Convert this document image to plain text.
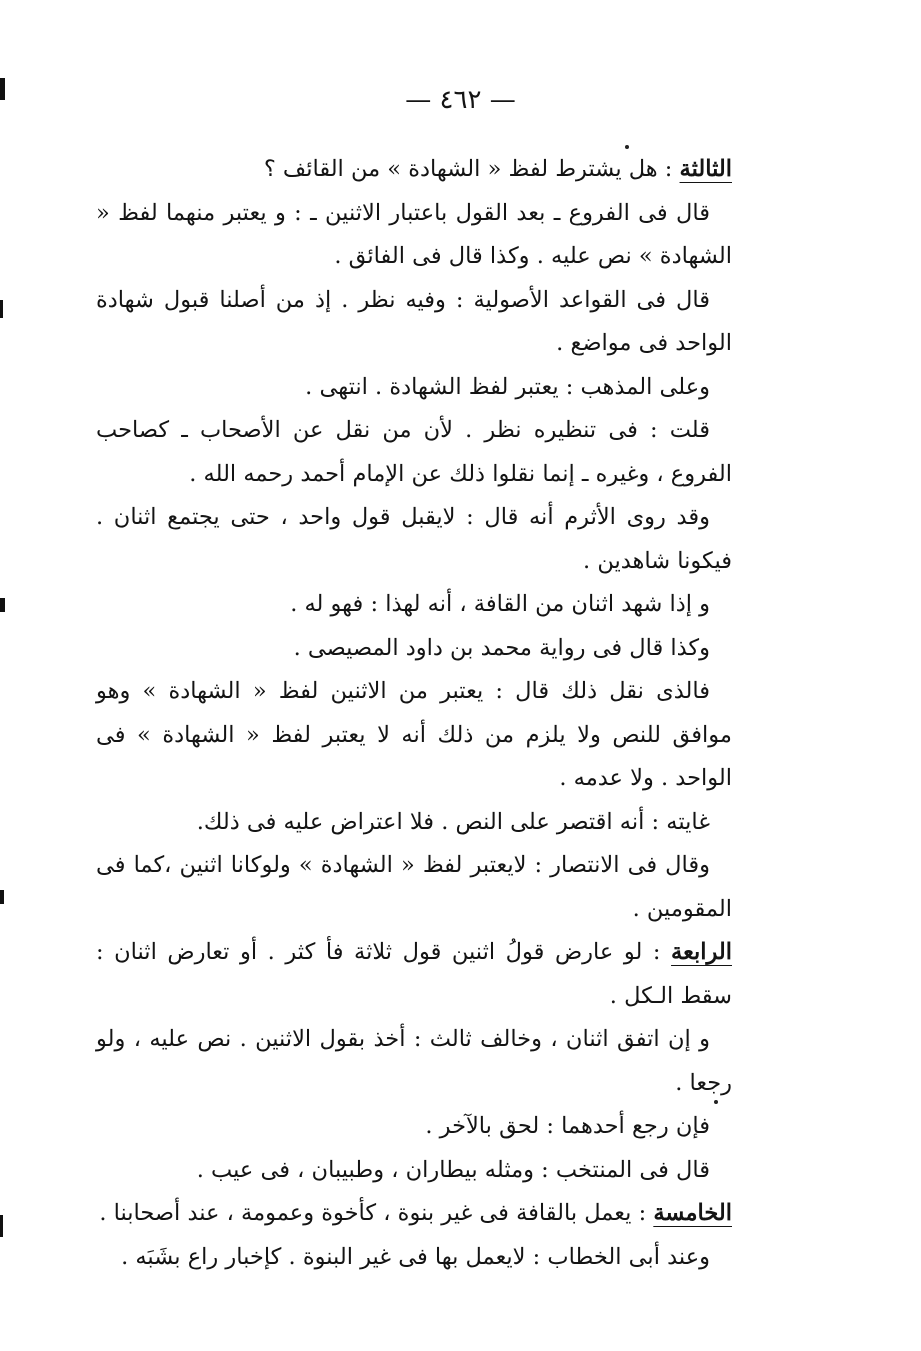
— ٤٦٢ —

الثالثة : هل يشترط لفظ « الشهادة » من القائف ؟

قال فى الفروع ـ بعد القول باعتبار الاثنين ـ : و يعتبر منهما لفظ « الشهادة » نص عليه . وكذا قال فى الفائق .

قال فى القواعد الأصولية : وفيه نظر . إذ من أصلنا قبول شهادة الواحد فى مواضع .

وعلى المذهب : يعتبر لفظ الشهادة . انتهى .

قلت : فى تنظيره نظر . لأن من نقل عن الأصحاب ـ كصاحب الفروع ، وغيره ـ إنما نقلوا ذلك عن الإمام أحمد رحمه الله .

وقد روى الأثرم أنه قال : لايقبل قول واحد ، حتى يجتمع اثنان . فيكونا شاهدين .

و إذا شهد اثنان من القافة ، أنه لهذا : فهو له .

وكذا قال فى رواية محمد بن داود المصيصى .

فالذى نقل ذلك قال : يعتبر من الاثنين لفظ « الشهادة » وهو موافق للنص ولا يلزم من ذلك أنه لا يعتبر لفظ « الشهادة » فى الواحد . ولا عدمه .

غايته : أنه اقتصر على النص . فلا اعتراض عليه فى ذلك.

وقال فى الانتصار : لايعتبر لفظ « الشهادة » ولوكانا اثنين ،كما فى المقومين .

الرابعة : لو عارض قولُ اثنين قول ثلاثة فأ كثر . أو تعارض اثنان : سقط الـكل .

و إن اتفق اثنان ، وخالف ثالث : أخذ بقول الاثنين . نص عليه ، ولو رجعا .

فإن رجع أحدهما : لحق بالآخر .

قال فى المنتخب : ومثله بيطاران ، وطبيبان ، فى عيب .

الخامسة : يعمل بالقافة فى غير بنوة ، كأخوة وعمومة ، عند أصحابنا .

وعند أبى الخطاب : لايعمل بها فى غير البنوة . كإخبار راع بشَبَه .
